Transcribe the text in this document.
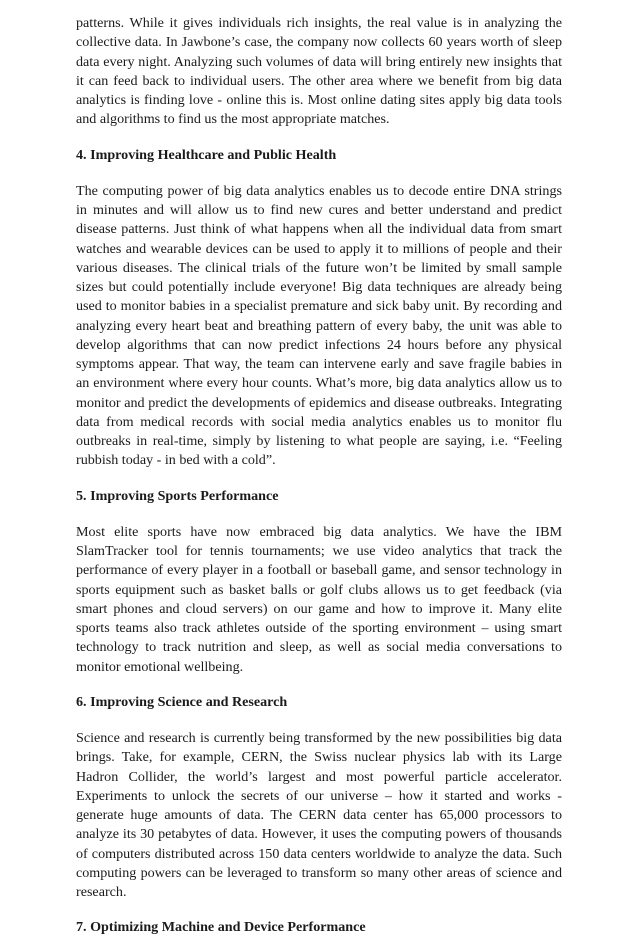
patterns. While it gives individuals rich insights, the real value is in analyzing the collective data. In Jawbone’s case, the company now collects 60 years worth of sleep data every night. Analyzing such volumes of data will bring entirely new insights that it can feed back to individual users. The other area where we benefit from big data analytics is finding love - online this is. Most online dating sites apply big data tools and algorithms to find us the most appropriate matches.

4. Improving Healthcare and Public Health

The computing power of big data analytics enables us to decode entire DNA strings in minutes and will allow us to find new cures and better understand and predict disease patterns. Just think of what happens when all the individual data from smart watches and wearable devices can be used to apply it to millions of people and their various diseases. The clinical trials of the future won’t be limited by small sample sizes but could potentially include everyone! Big data techniques are already being used to monitor babies in a specialist premature and sick baby unit. By recording and analyzing every heart beat and breathing pattern of every baby, the unit was able to develop algorithms that can now predict infections 24 hours before any physical symptoms appear. That way, the team can intervene early and save fragile babies in an environment where every hour counts. What’s more, big data analytics allow us to monitor and predict the developments of epidemics and disease outbreaks. Integrating data from medical records with social media analytics enables us to monitor flu outbreaks in real-time, simply by listening to what people are saying, i.e. “Feeling rubbish today - in bed with a cold”.

5. Improving Sports Performance

Most elite sports have now embraced big data analytics. We have the IBM SlamTracker tool for tennis tournaments; we use video analytics that track the performance of every player in a football or baseball game, and sensor technology in sports equipment such as basket balls or golf clubs allows us to get feedback (via smart phones and cloud servers) on our game and how to improve it. Many elite sports teams also track athletes outside of the sporting environment – using smart technology to track nutrition and sleep, as well as social media conversations to monitor emotional wellbeing.

6. Improving Science and Research

Science and research is currently being transformed by the new possibilities big data brings. Take, for example, CERN, the Swiss nuclear physics lab with its Large Hadron Collider, the world’s largest and most powerful particle accelerator. Experiments to unlock the secrets of our universe – how it started and works - generate huge amounts of data. The CERN data center has 65,000 processors to analyze its 30 petabytes of data. However, it uses the computing powers of thousands of computers distributed across 150 data centers worldwide to analyze the data. Such computing powers can be leveraged to transform so many other areas of science and research.

7. Optimizing Machine and Device Performance
